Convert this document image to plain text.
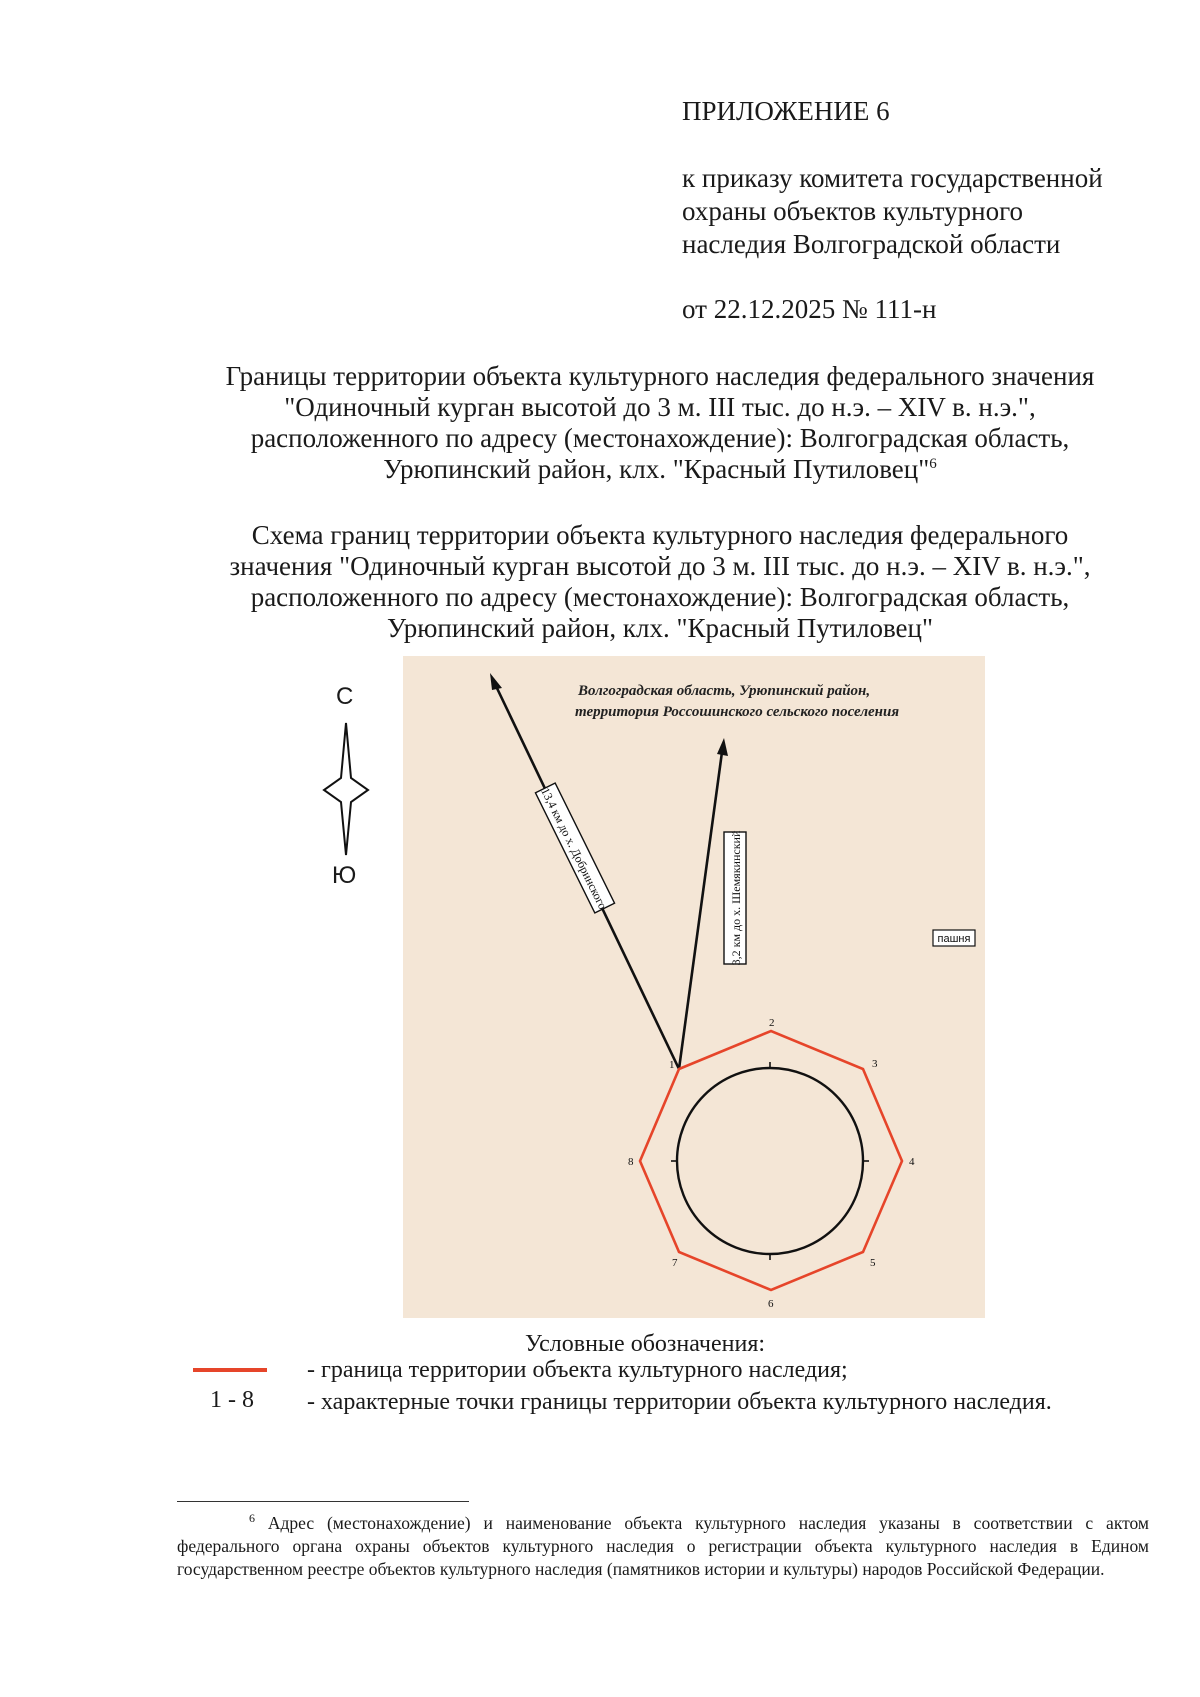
ПРИЛОЖЕНИЕ 6

к приказу комитета государственной

охраны объектов культурного

наследия Волгоградской области

от 22.12.2025 № 111-н

Границы территории объекта культурного наследия федерального значения

"Одиночный курган высотой до 3 м. III тыс. до н.э. – XIV в. н.э.",

расположенного по адресу (местонахождение): Волгоградская область,

Урюпинский район, клх. "Красный Путиловец"$^6$

Схема границ территории объекта культурного наследия федерального

значения "Одиночный курган высотой до 3 м. III тыс. до н.э. – XIV в. н.э.",

расположенного по адресу (местонахождение): Волгоградская область,

Урюпинский район, клх. "Красный Путиловец"

С
Ю
Волгоградская область, Урюпинский район,
территория Россошинского сельского поселения
13,4 км до х. Добринского	3,2 км до х. Шемякинский	пашня
1
2
3
4
5
6
7
8
Условные обозначения:
- граница территории объекта культурного наследия;
1 - 8 - характерные точки границы территории объекта культурного наследия.
$^6$ Адрес (местонахождение) и наименование объекта культурного наследия указаны в соответствии с актом федерального органа охраны объектов культурного наследия о регистрации объекта культурного наследия в Едином государственном реестре объектов культурного наследия (памятников истории и культуры) народов Российской Федерации.
